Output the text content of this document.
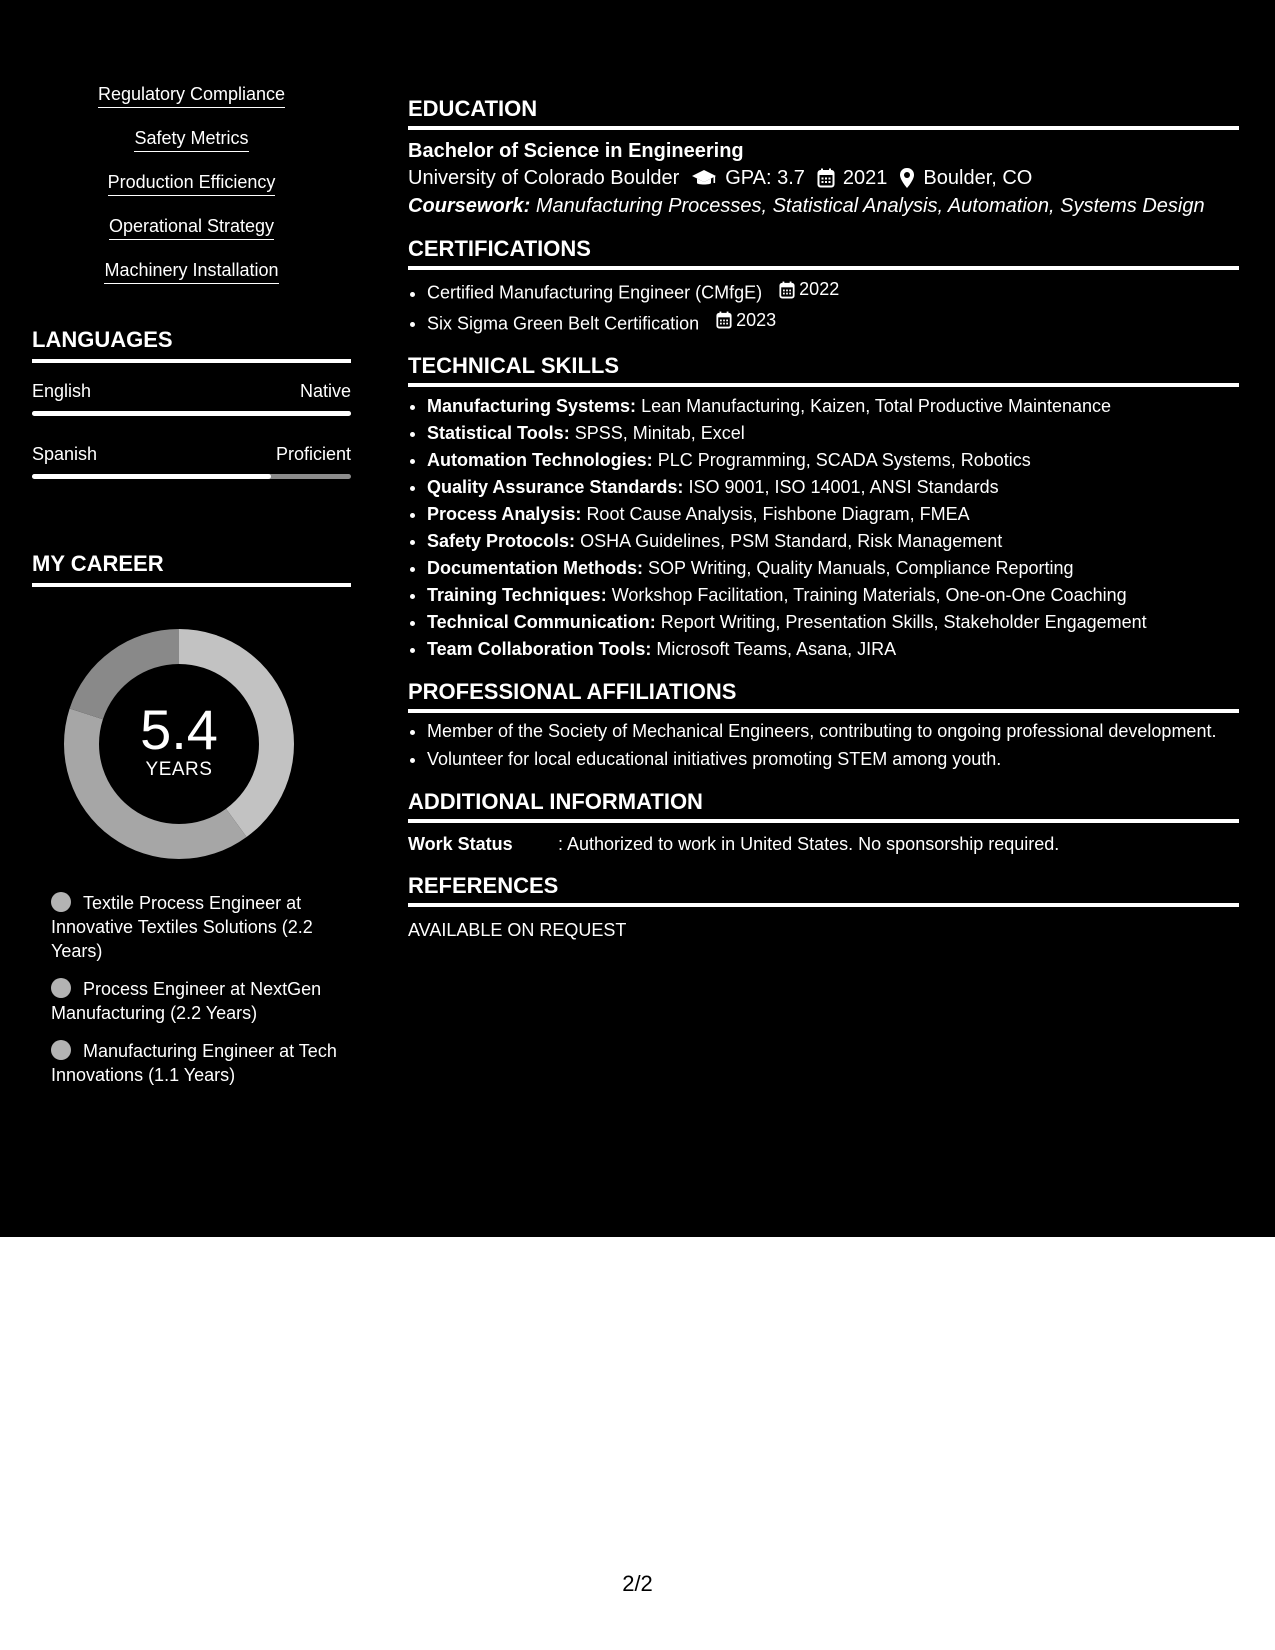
Regulatory Compliance
Safety Metrics
Production Efficiency
Operational Strategy
Machinery Installation
LANGUAGES
English	Native
Spanish	Proficient
MY CAREER
5.4
YEARS
Textile Process Engineer at Innovative Textiles Solutions (2.2 Years)
Process Engineer at NextGen Manufacturing (2.2 Years)
Manufacturing Engineer at Tech Innovations (1.1 Years)
EDUCATION
Bachelor of Science in Engineering
University of Colorado Boulder GPA: 3.7 2021 Boulder, CO
Coursework: Manufacturing Processes, Statistical Analysis, Automation, Systems Design
CERTIFICATIONS
• Certified Manufacturing Engineer (CMfgE) 2022
• Six Sigma Green Belt Certification 2023
TECHNICAL SKILLS
• Manufacturing Systems: Lean Manufacturing, Kaizen, Total Productive Maintenance
• Statistical Tools: SPSS, Minitab, Excel
• Automation Technologies: PLC Programming, SCADA Systems, Robotics
• Quality Assurance Standards: ISO 9001, ISO 14001, ANSI Standards
• Process Analysis: Root Cause Analysis, Fishbone Diagram, FMEA
• Safety Protocols: OSHA Guidelines, PSM Standard, Risk Management
• Documentation Methods: SOP Writing, Quality Manuals, Compliance Reporting
• Training Techniques: Workshop Facilitation, Training Materials, One-on-One Coaching
• Technical Communication: Report Writing, Presentation Skills, Stakeholder Engagement
• Team Collaboration Tools: Microsoft Teams, Asana, JIRA
PROFESSIONAL AFFILIATIONS
• Member of the Society of Mechanical Engineers, contributing to ongoing professional development.
• Volunteer for local educational initiatives promoting STEM among youth.
ADDITIONAL INFORMATION
Work Status	: Authorized to work in United States. No sponsorship required.
REFERENCES
AVAILABLE ON REQUEST
2/2
